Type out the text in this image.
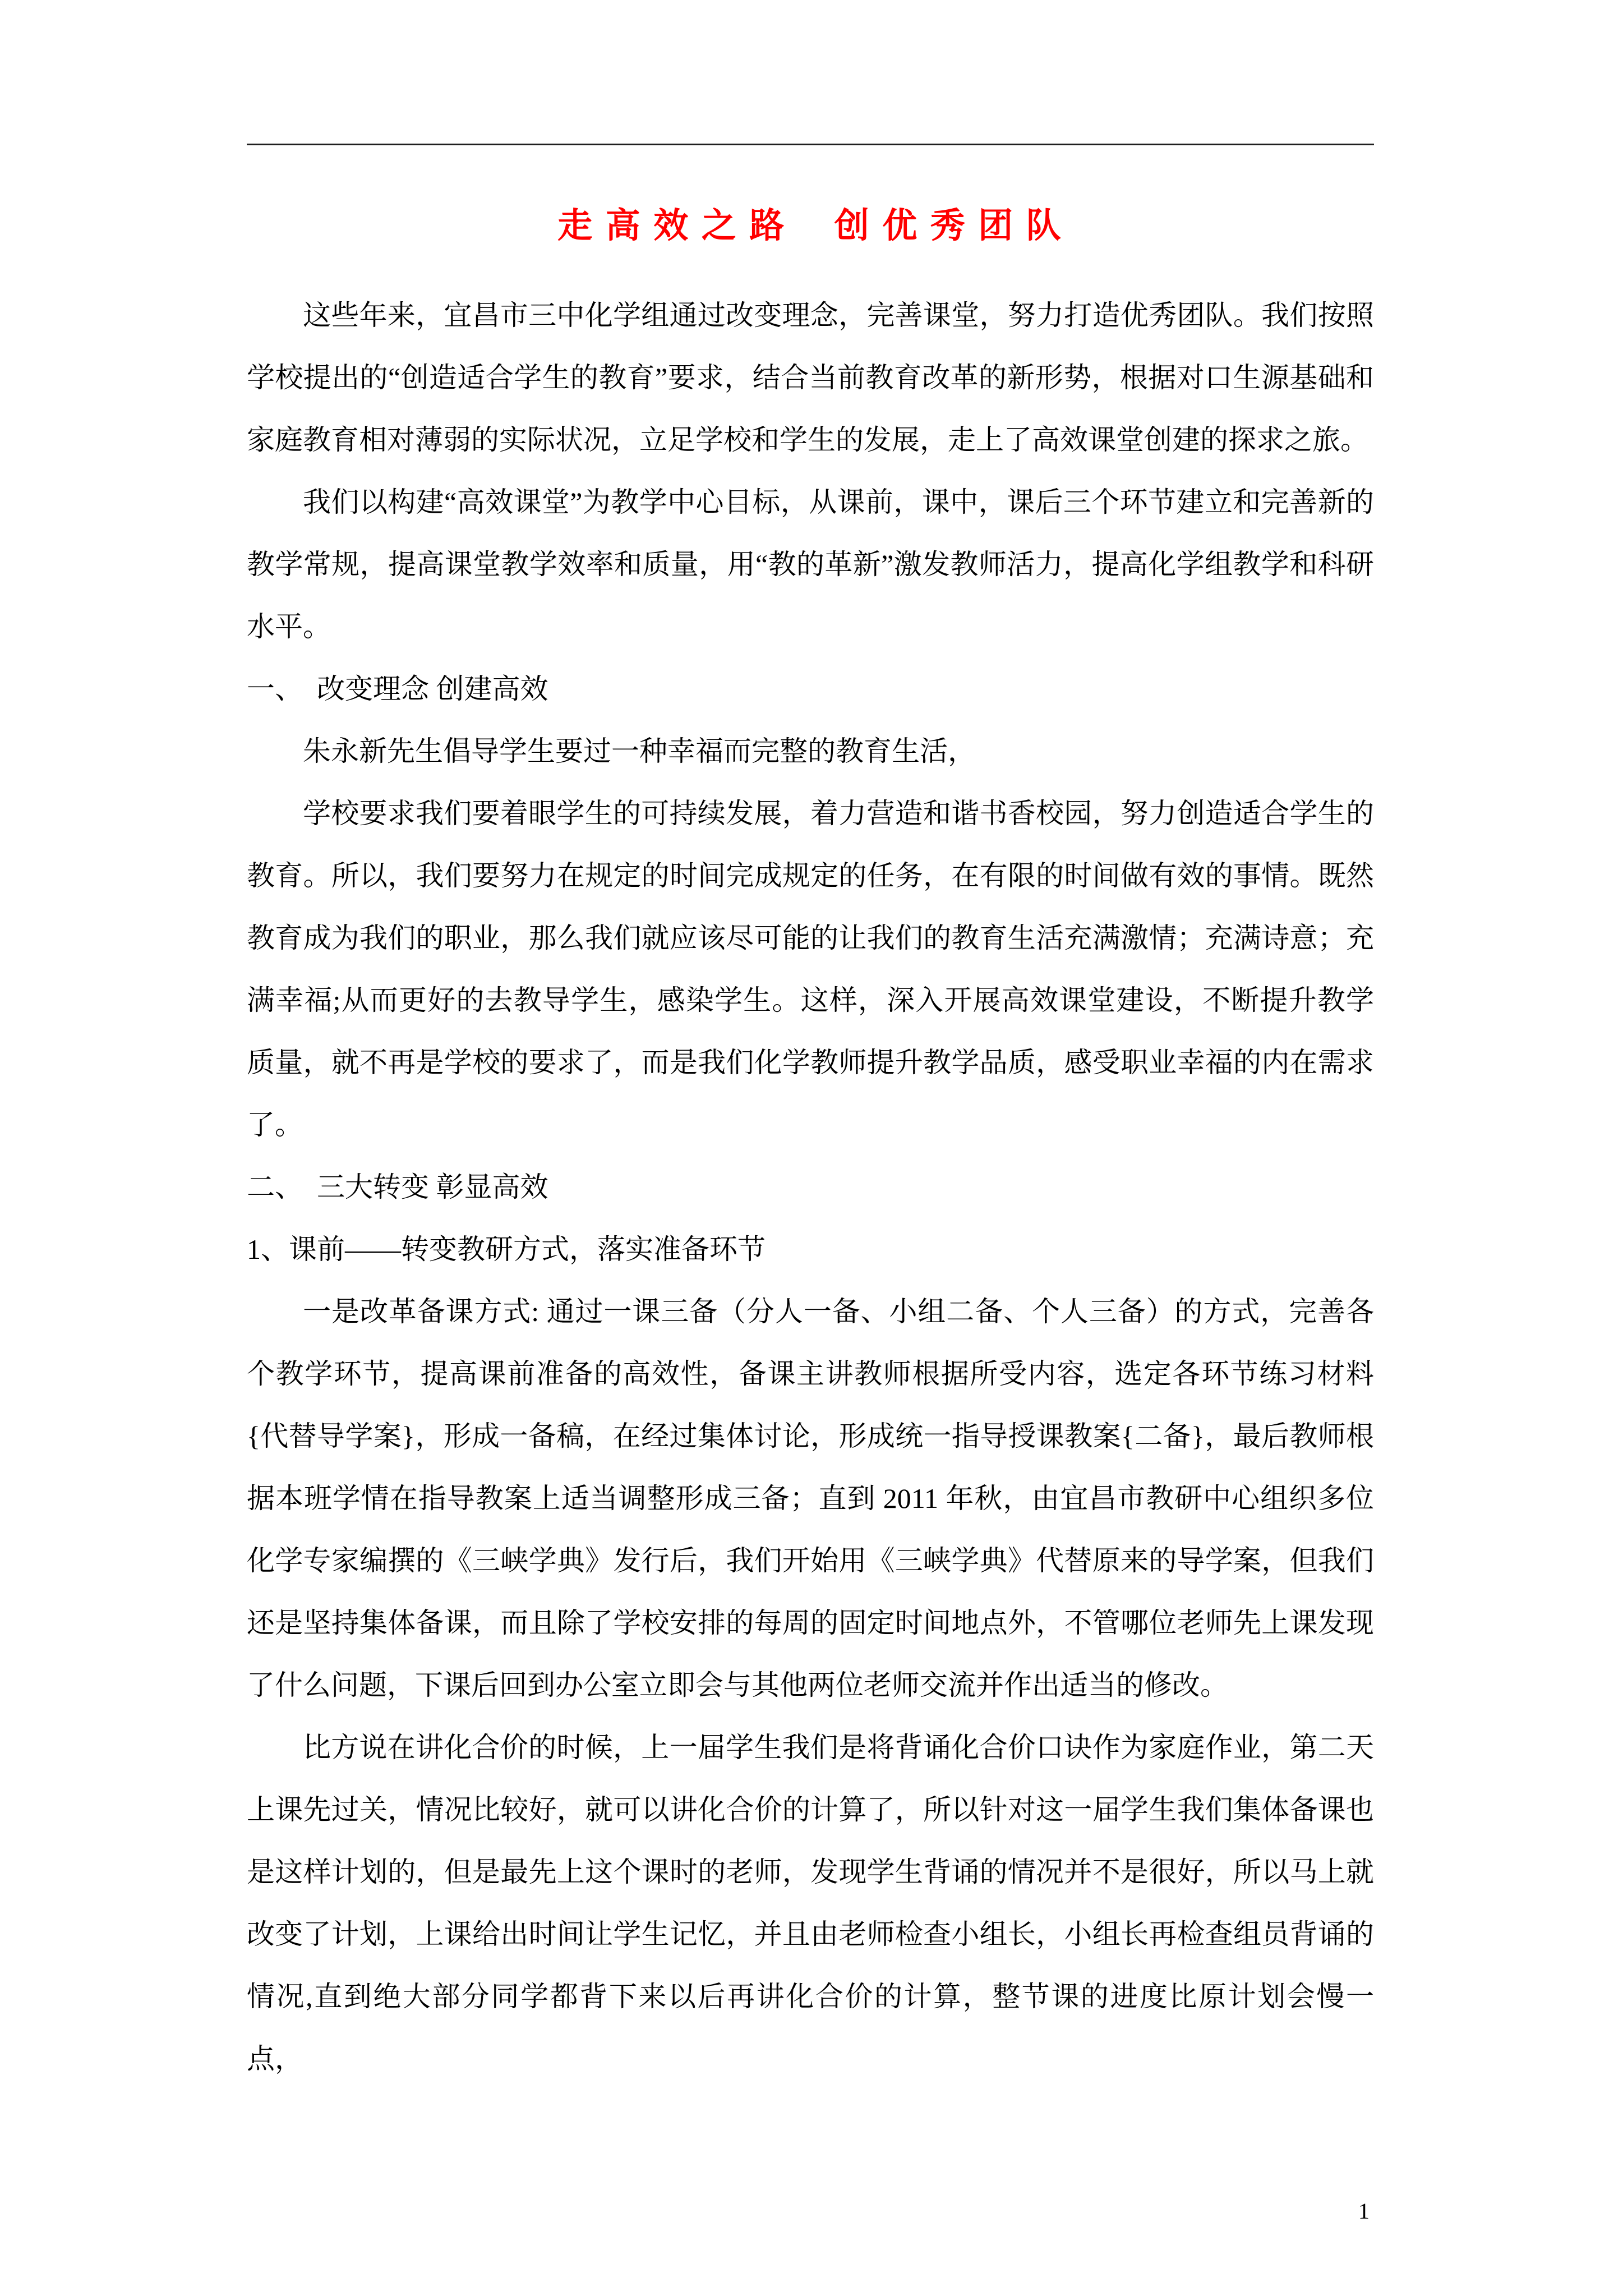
走 高 效 之 路　 创 优 秀 团 队

这些年来，宜昌市三中化学组通过改变理念，完善课堂，努力打造优秀团队。我们按照学校提出的“创造适合学生的教育”要求，结合当前教育改革的新形势，根据对口生源基础和家庭教育相对薄弱的实际状况，立足学校和学生的发展，走上了高效课堂创建的探求之旅。

我们以构建“高效课堂”为教学中心目标，从课前，课中，课后三个环节建立和完善新的教学常规，提高课堂教学效率和质量，用“教的革新”激发教师活力，提高化学组教学和科研水平。

一、　改变理念 创建高效

朱永新先生倡导学生要过一种幸福而完整的教育生活，

学校要求我们要着眼学生的可持续发展，着力营造和谐书香校园，努力创造适合学生的教育。所以，我们要努力在规定的时间完成规定的任务，在有限的时间做有效的事情。既然教育成为我们的职业，那么我们就应该尽可能的让我们的教育生活充满激情；充满诗意；充满幸福;从而更好的去教导学生，感染学生。这样，深入开展高效课堂建设，不断提升教学质量，就不再是学校的要求了，而是我们化学教师提升教学品质，感受职业幸福的内在需求了。

二、　三大转变 彰显高效

1、课前——转变教研方式，落实准备环节

一是改革备课方式: 通过一课三备（分人一备、小组二备、个人三备）的方式，完善各个教学环节，提高课前准备的高效性，备课主讲教师根据所受内容，选定各环节练习材料{代替导学案}，形成一备稿，在经过集体讨论，形成统一指导授课教案{二备}，最后教师根据本班学情在指导教案上适当调整形成三备；直到 2011 年秋，由宜昌市教研中心组织多位化学专家编撰的《三峡学典》发行后，我们开始用《三峡学典》代替原来的导学案，但我们还是坚持集体备课，而且除了学校安排的每周的固定时间地点外，不管哪位老师先上课发现了什么问题，下课后回到办公室立即会与其他两位老师交流并作出适当的修改。

比方说在讲化合价的时候，上一届学生我们是将背诵化合价口诀作为家庭作业，第二天上课先过关，情况比较好，就可以讲化合价的计算了，所以针对这一届学生我们集体备课也是这样计划的，但是最先上这个课时的老师，发现学生背诵的情况并不是很好，所以马上就改变了计划，上课给出时间让学生记忆，并且由老师检查小组长，小组长再检查组员背诵的情况,直到绝大部分同学都背下来以后再讲化合价的计算，整节课的进度比原计划会慢一点，

1
